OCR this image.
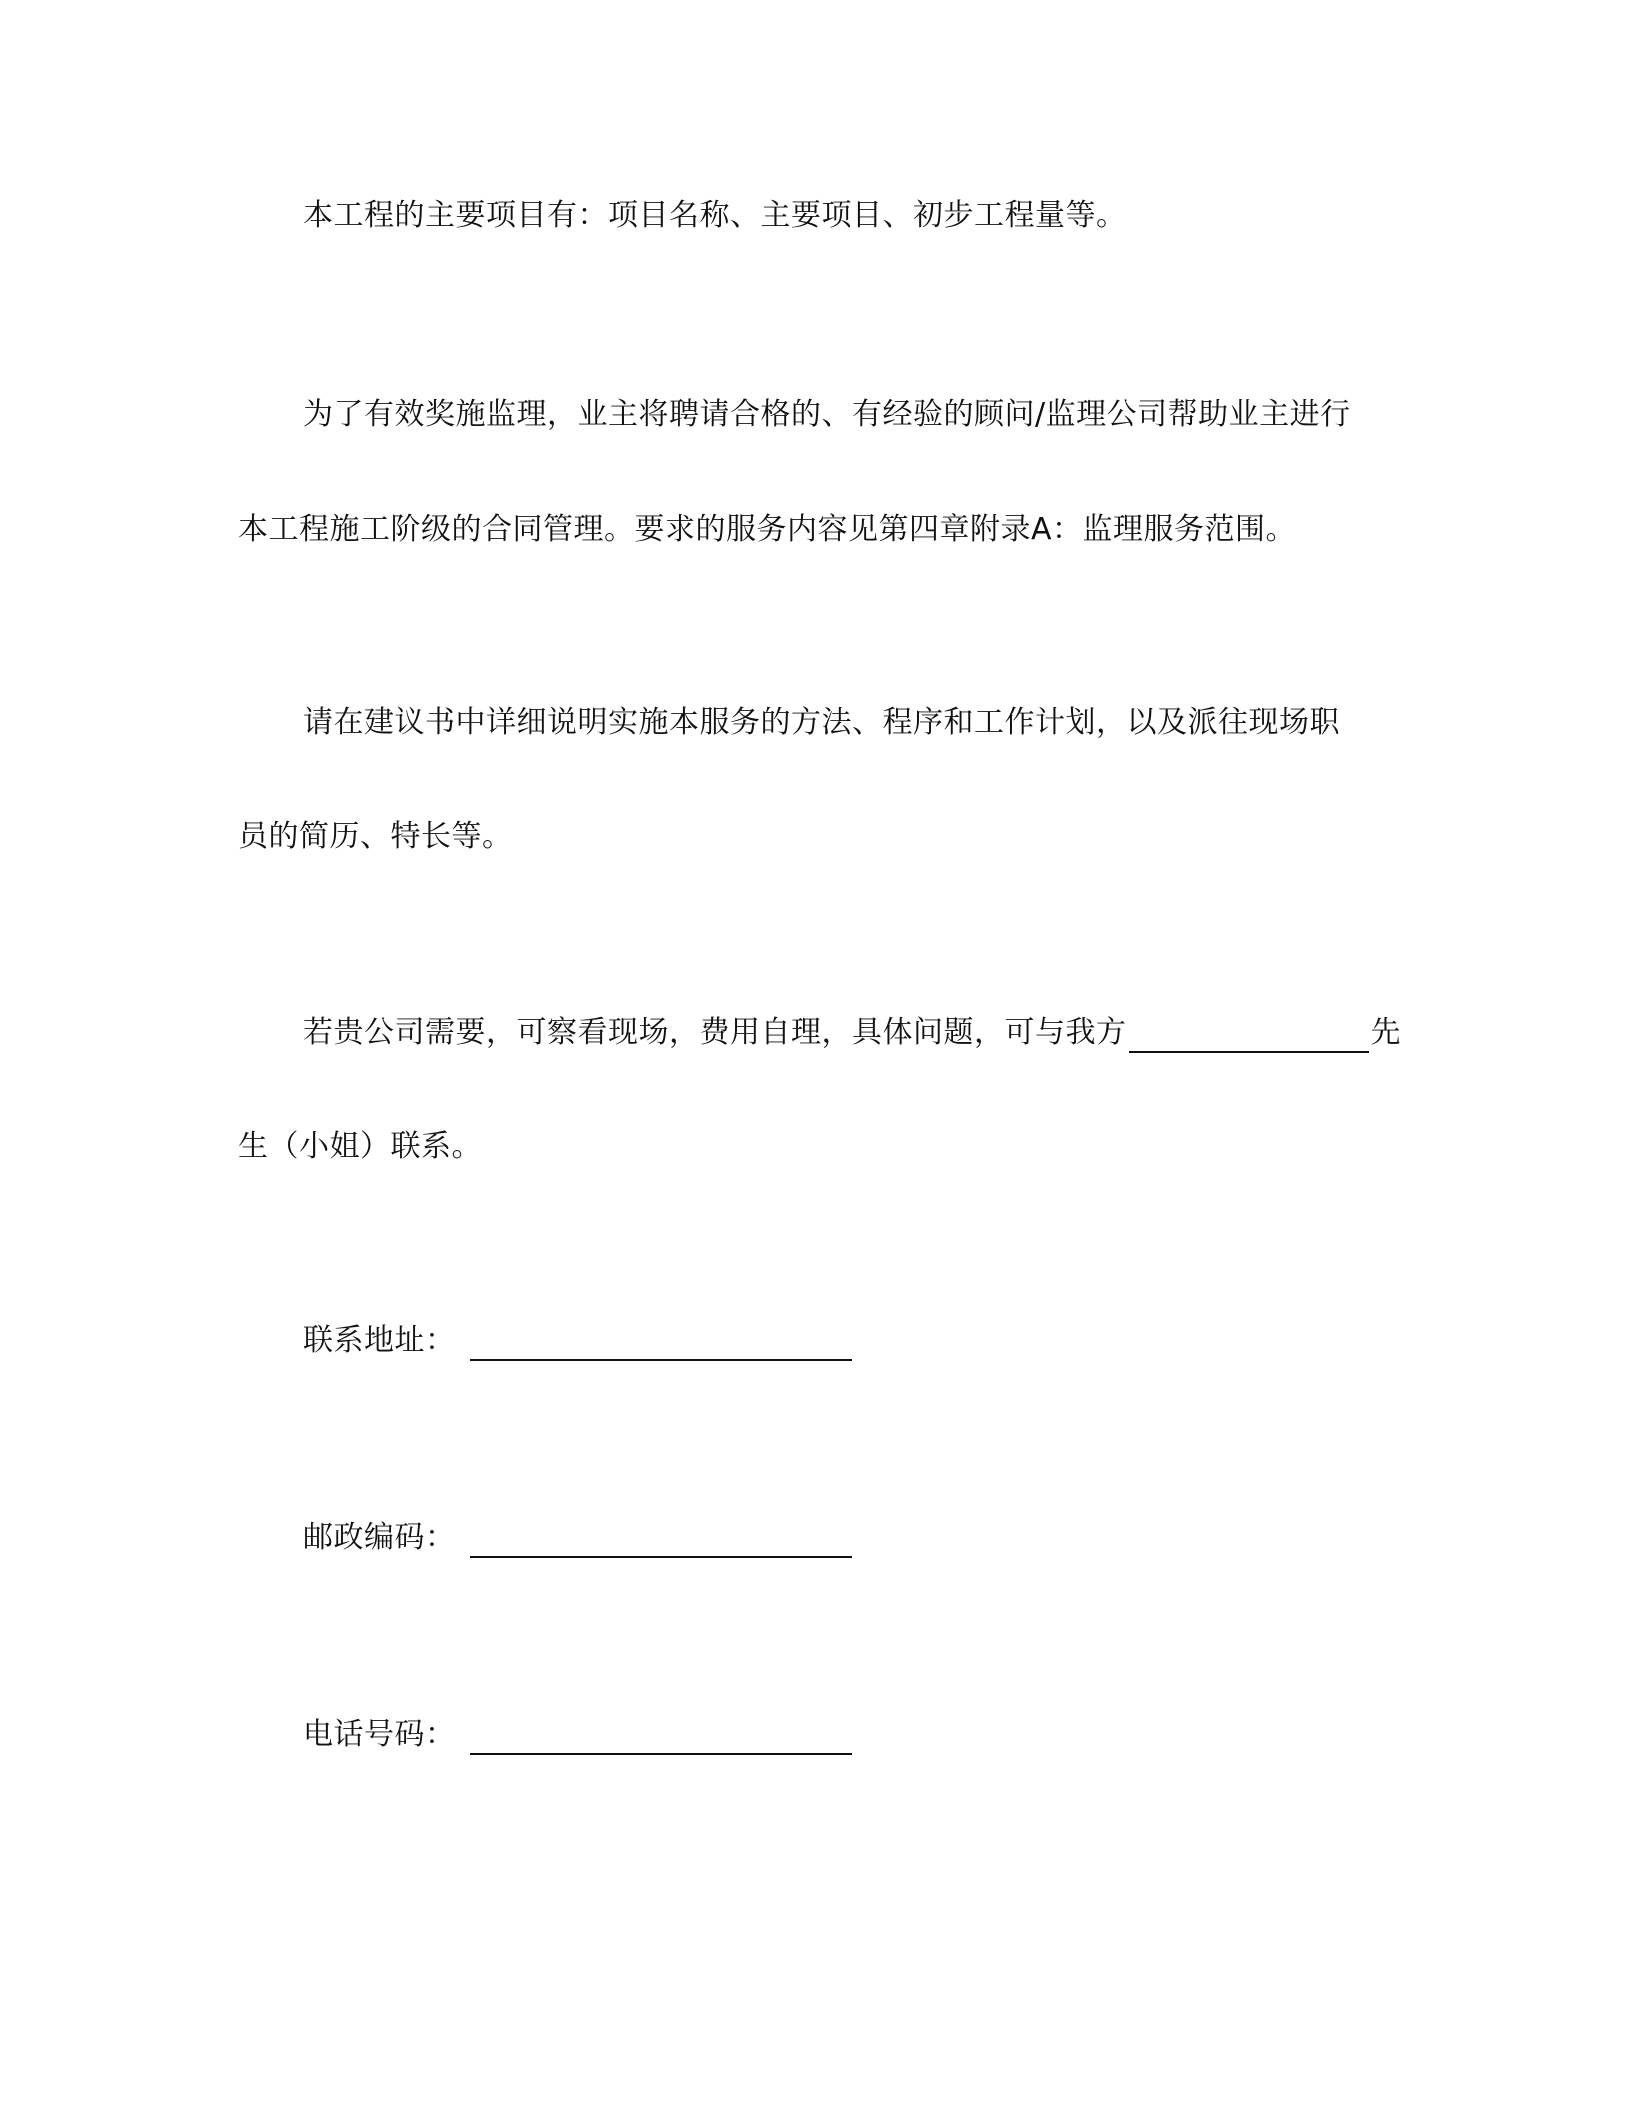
本工程的主要项目有：项目名称、主要项目、初步工程量等。
为了有效奖施监理，业主将聘请合格的、有经验的顾问/监理公司帮助业主进行
本工程施工阶级的合同管理。要求的服务内容见第四章附录A：监理服务范围。
请在建议书中详细说明实施本服务的方法、程序和工作计划，以及派往现场职
员的简历、特长等。
若贵公司需要，可察看现场，费用自理，具体问题，可与我方	先
生（小姐）联系。
联系地址：
邮政编码：
电话号码：
